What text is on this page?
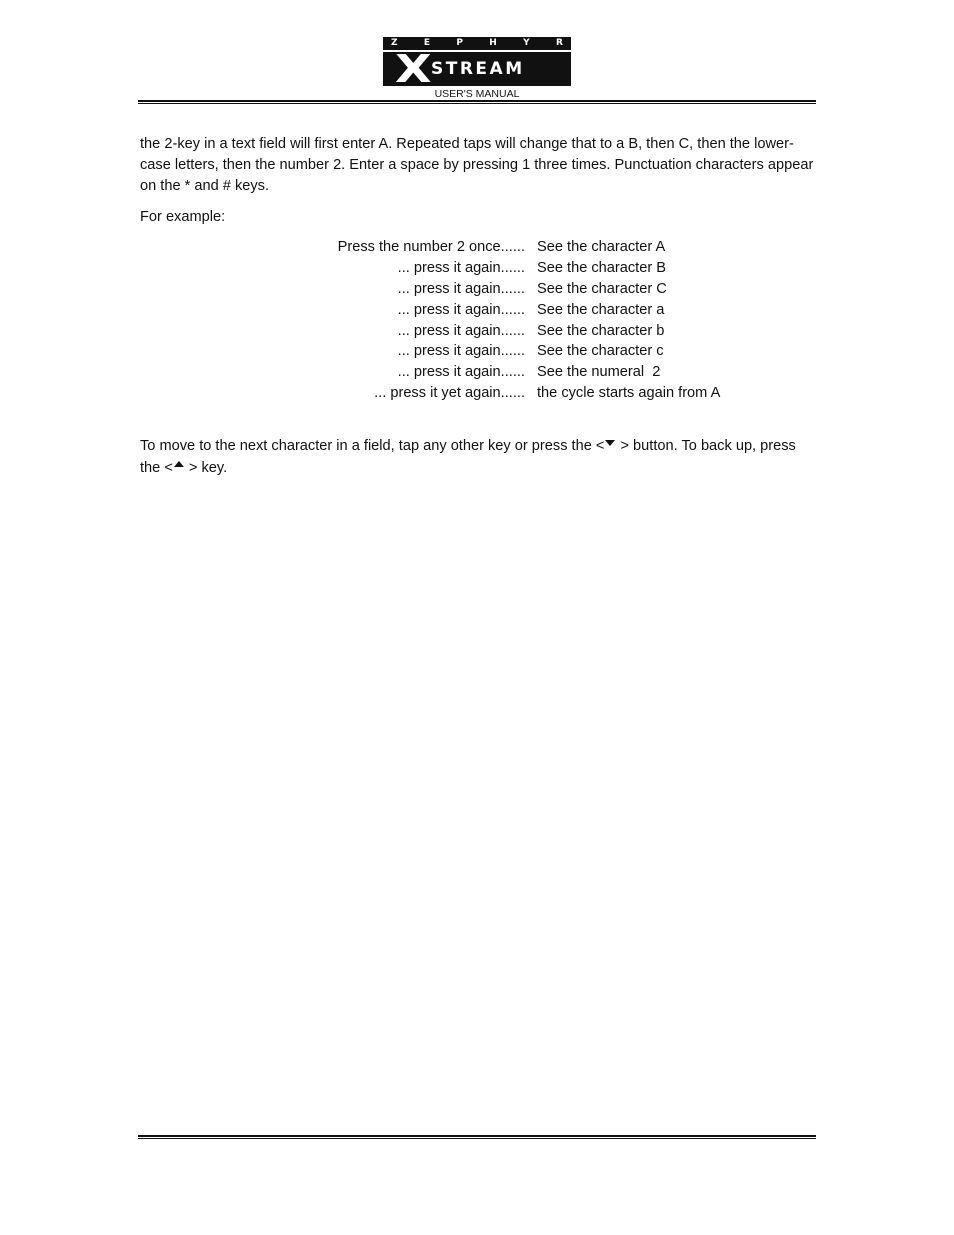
Z	E	P	H	Y	R
X STREAM
USER'S MANUAL

the 2-key in a text field will first enter A. Repeated taps will change that to a B, then C, then the lower-case letters, then the number 2. Enter a space by pressing 1 three times. Punctuation characters appear on the * and # keys.

For example:

Press the number 2 once...... See the character A
... press it again...... See the character B
... press it again...... See the character C
... press it again...... See the character a
... press it again...... See the character b
... press it again...... See the character c
... press it again...... See the numeral  2
... press it yet again...... the cycle starts again from A

To move to the next character in a field, tap any other key or press the < > button. To back up, press the < > key.
